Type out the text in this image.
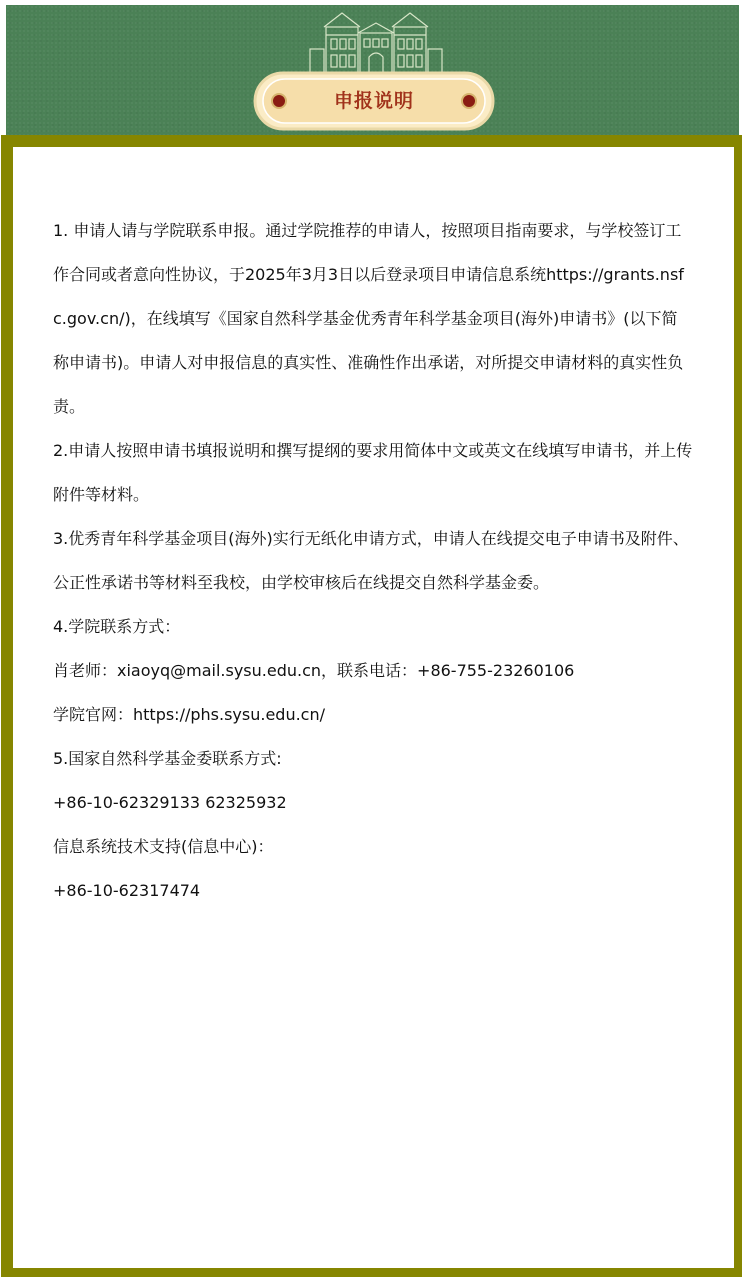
申报说明

1. 申请人请与学院联系申报。通过学院推荐的申请人，按照项目指南要求，与学校签订工作合同或者意向性协议，于2025年3月3日以后登录项目申请信息系统https://grants.nsfc.gov.cn/)，在线填写《国家自然科学基金优秀青年科学基金项目(海外)申请书》(以下简称申请书)。申请人对申报信息的真实性、准确性作出承诺，对所提交申请材料的真实性负责。

2.申请人按照申请书填报说明和撰写提纲的要求用简体中文或英文在线填写申请书，并上传附件等材料。

3.优秀青年科学基金项目(海外)实行无纸化申请方式，申请人在线提交电子申请书及附件、公正性承诺书等材料至我校，由学校审核后在线提交自然科学基金委。

4.学院联系方式：

肖老师：xiaoyq@mail.sysu.edu.cn，联系电话：+86-755-23260106

学院官网：https://phs.sysu.edu.cn/

5.国家自然科学基金委联系方式:

+86-10-62329133 62325932

信息系统技术支持(信息中心)：

+86-10-62317474
